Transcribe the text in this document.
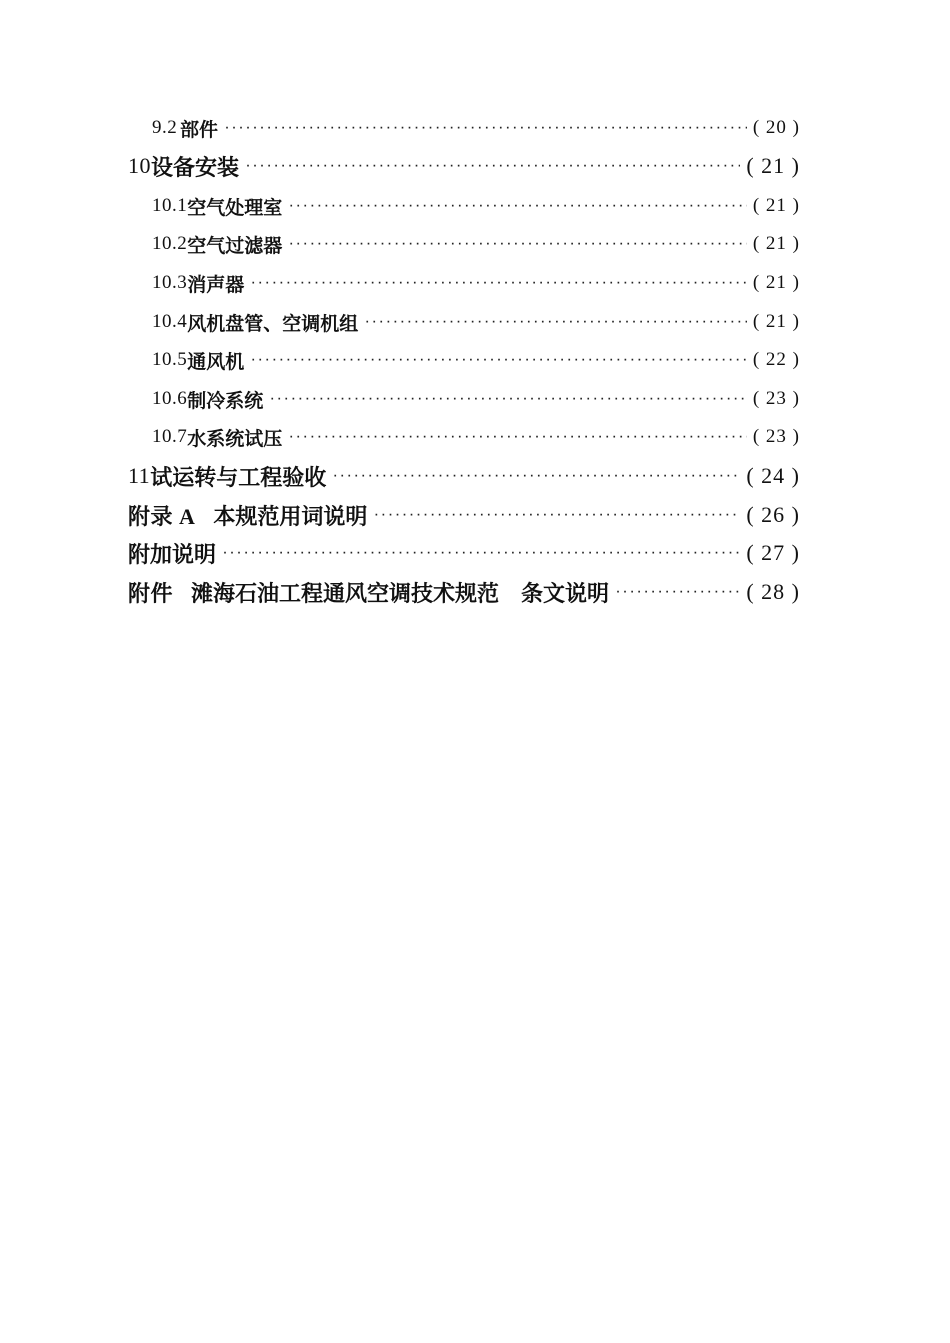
9.2 部件 ·····	( 20 )
10 设备安装 ·····	( 21 )
10.1 空气处理室 ·····	( 21 )
10.2 空气过滤器 ·····	( 21 )
10.3 消声器 ·····	( 21 )
10.4 风机盘管、空调机组 ·····	( 21 )
10.5 通风机 ·····	( 22 )
10.6 制冷系统 ·····	( 23 )
10.7 水系统试压 ·····	( 23 )
11 试运转与工程验收 ·····	( 24 )
附录 A 本规范用词说明 ·····	( 26 )
附加说明 ·····	( 27 )
附件 滩海石油工程通风空调技术规范　条文说明 ·····	( 28 )
